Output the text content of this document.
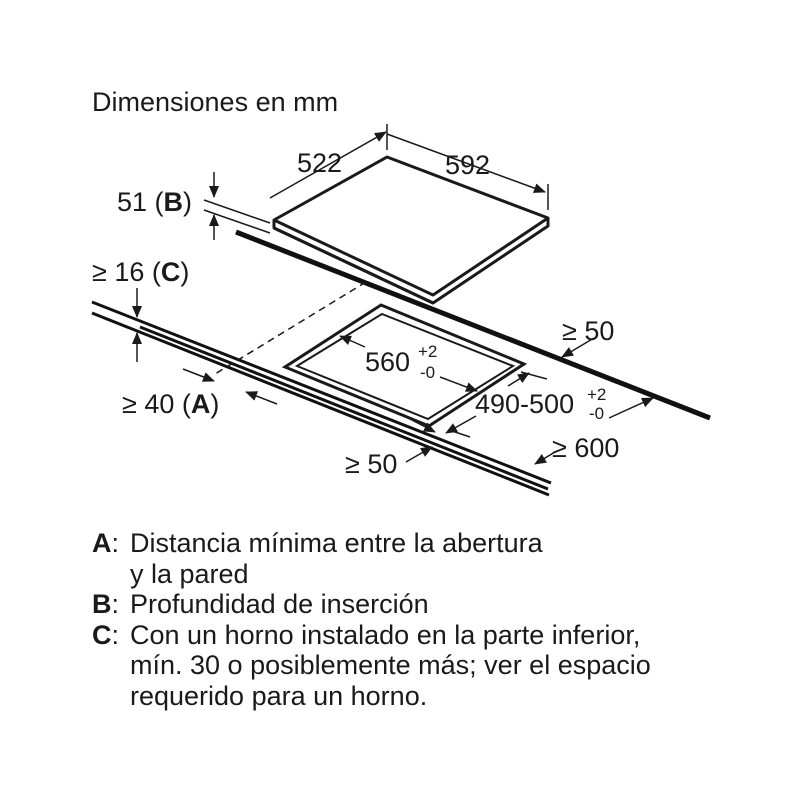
Dimensiones en mm
522	592
51 (B)
≥ 16 (C)
≥ 50
560 +2
-0
490-500 +2
-0
≥ 40 (A)
≥ 600
≥ 50
A: Distancia mínima entre la abertura
y la pared
B: Profundidad de inserción
C: Con un horno instalado en la parte inferior,
mín. 30 o posiblemente más; ver el espacio
requerido para un horno.
